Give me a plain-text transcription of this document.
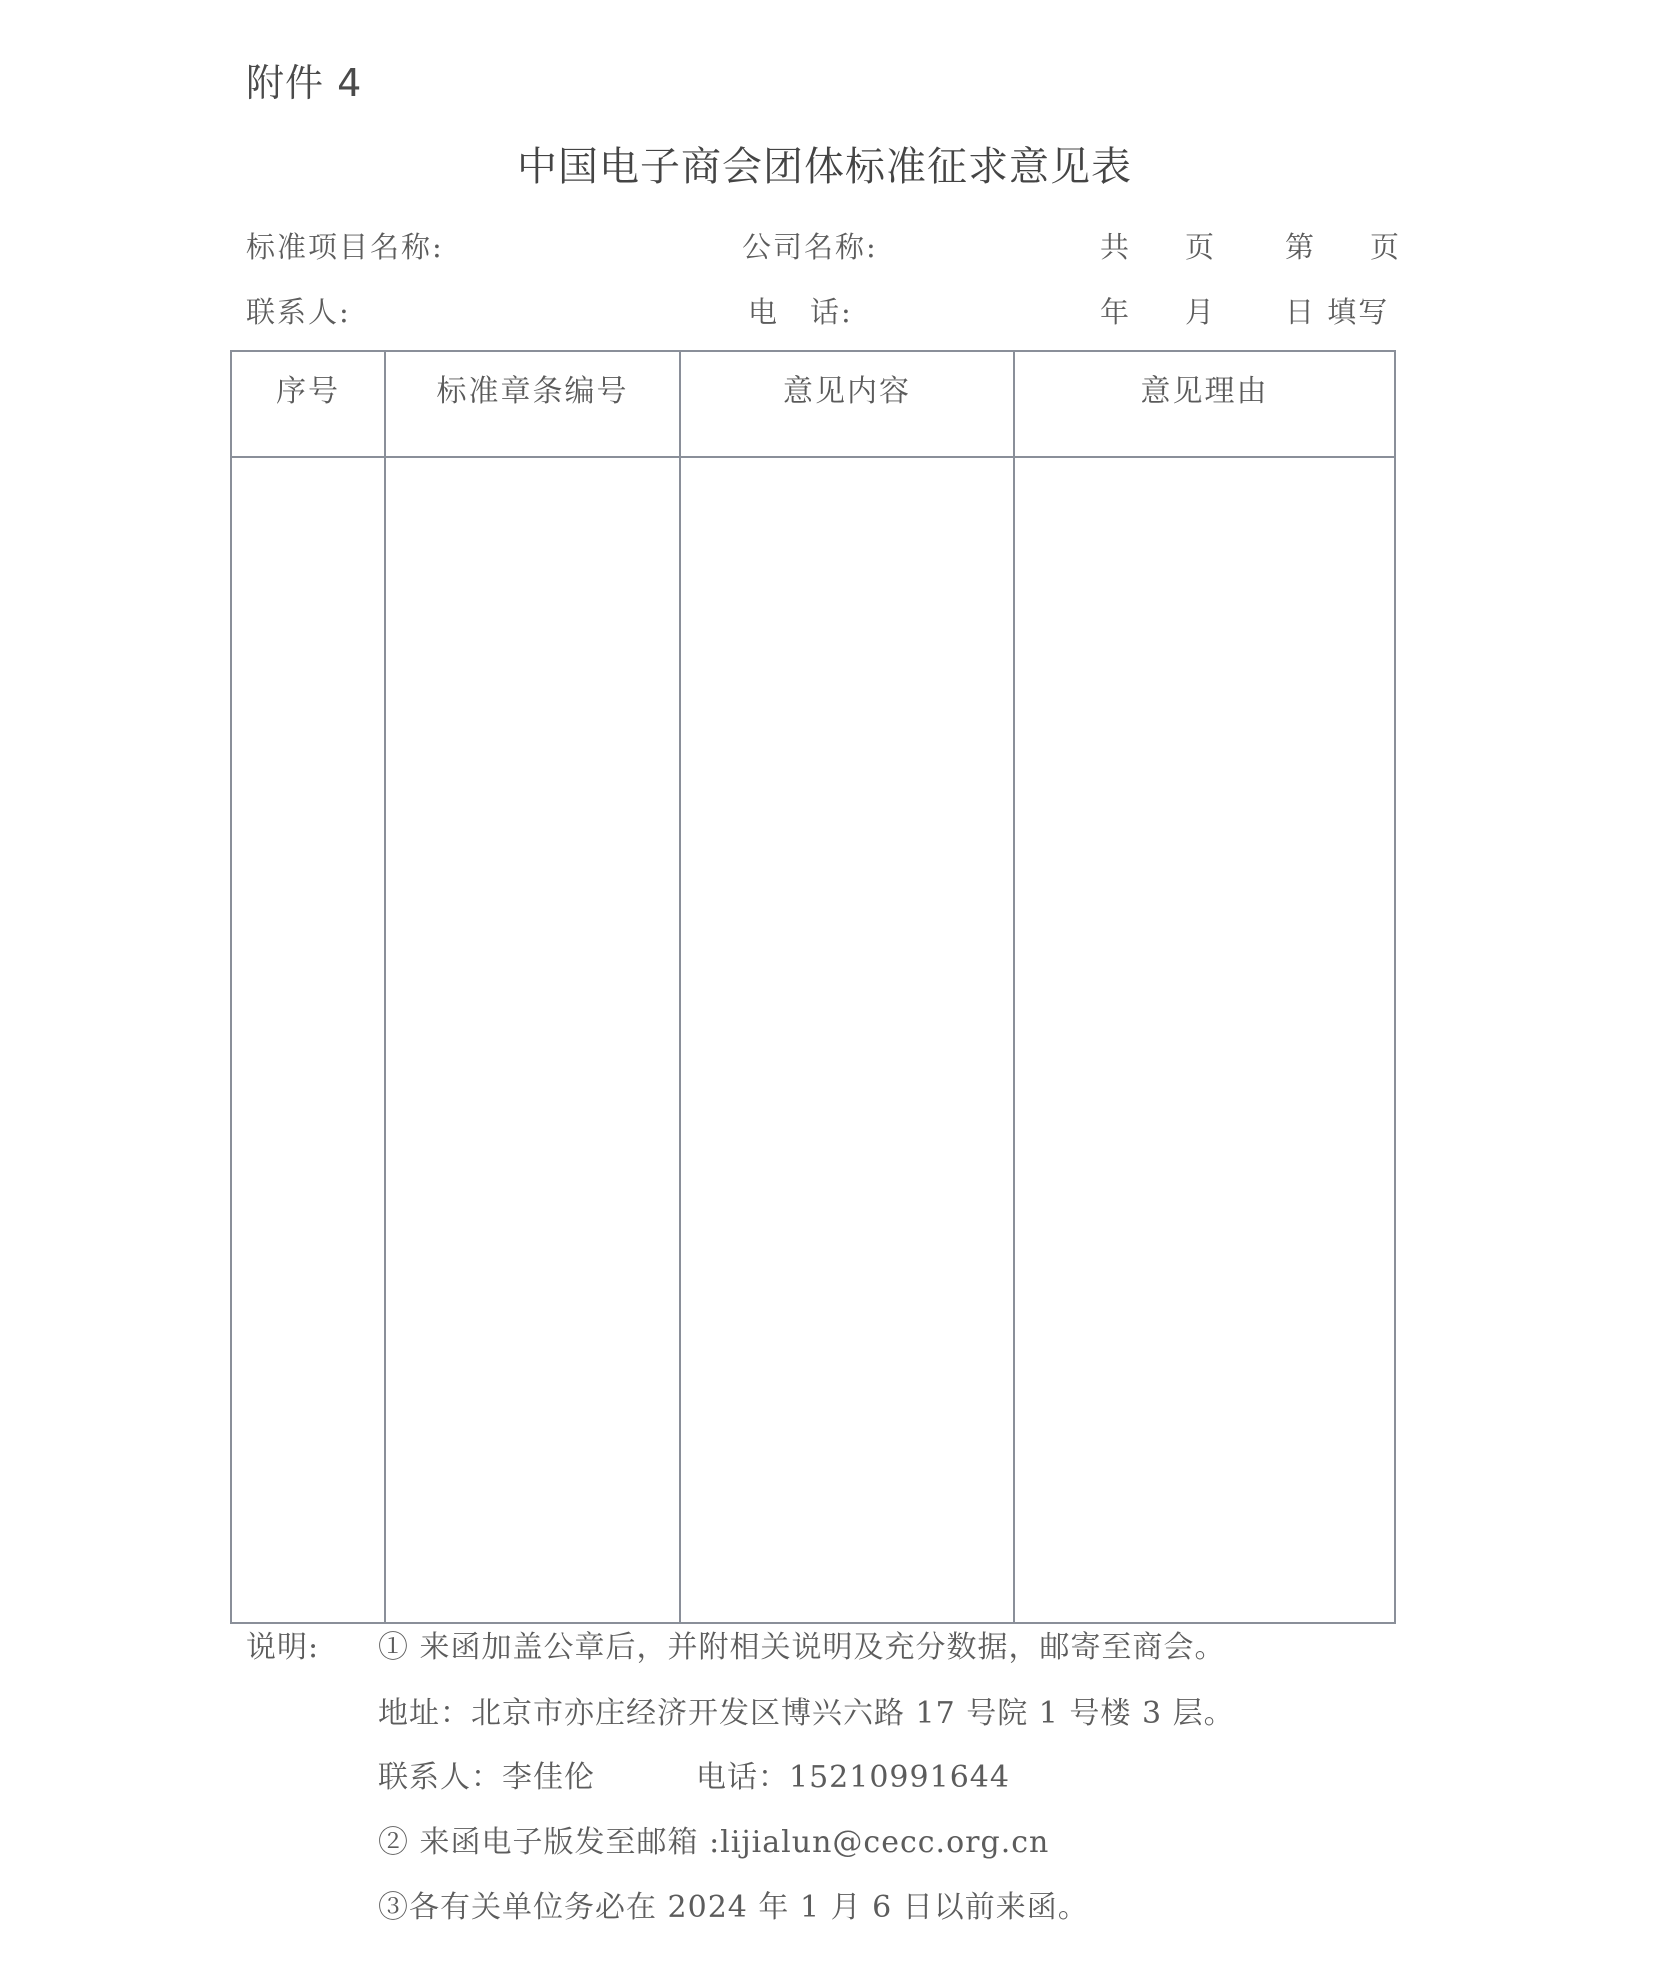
附件 4
中国电子商会团体标准征求意见表
标准项目名称:	公司名称:	共 页 第 页
联系人:	电　话:	年 月 日 填写
序号	标准章条编号	意见内容	意见理由

说明: ① 来函加盖公章后，并附相关说明及充分数据，邮寄至商会。
地址：北京市亦庄经济开发区博兴六路 17 号院 1 号楼 3 层。
联系人：李佳伦	电话：15210991644
② 来函电子版发至邮箱 :lijialun@cecc.org.cn
③各有关单位务必在 2024 年 1 月 6 日以前来函。
